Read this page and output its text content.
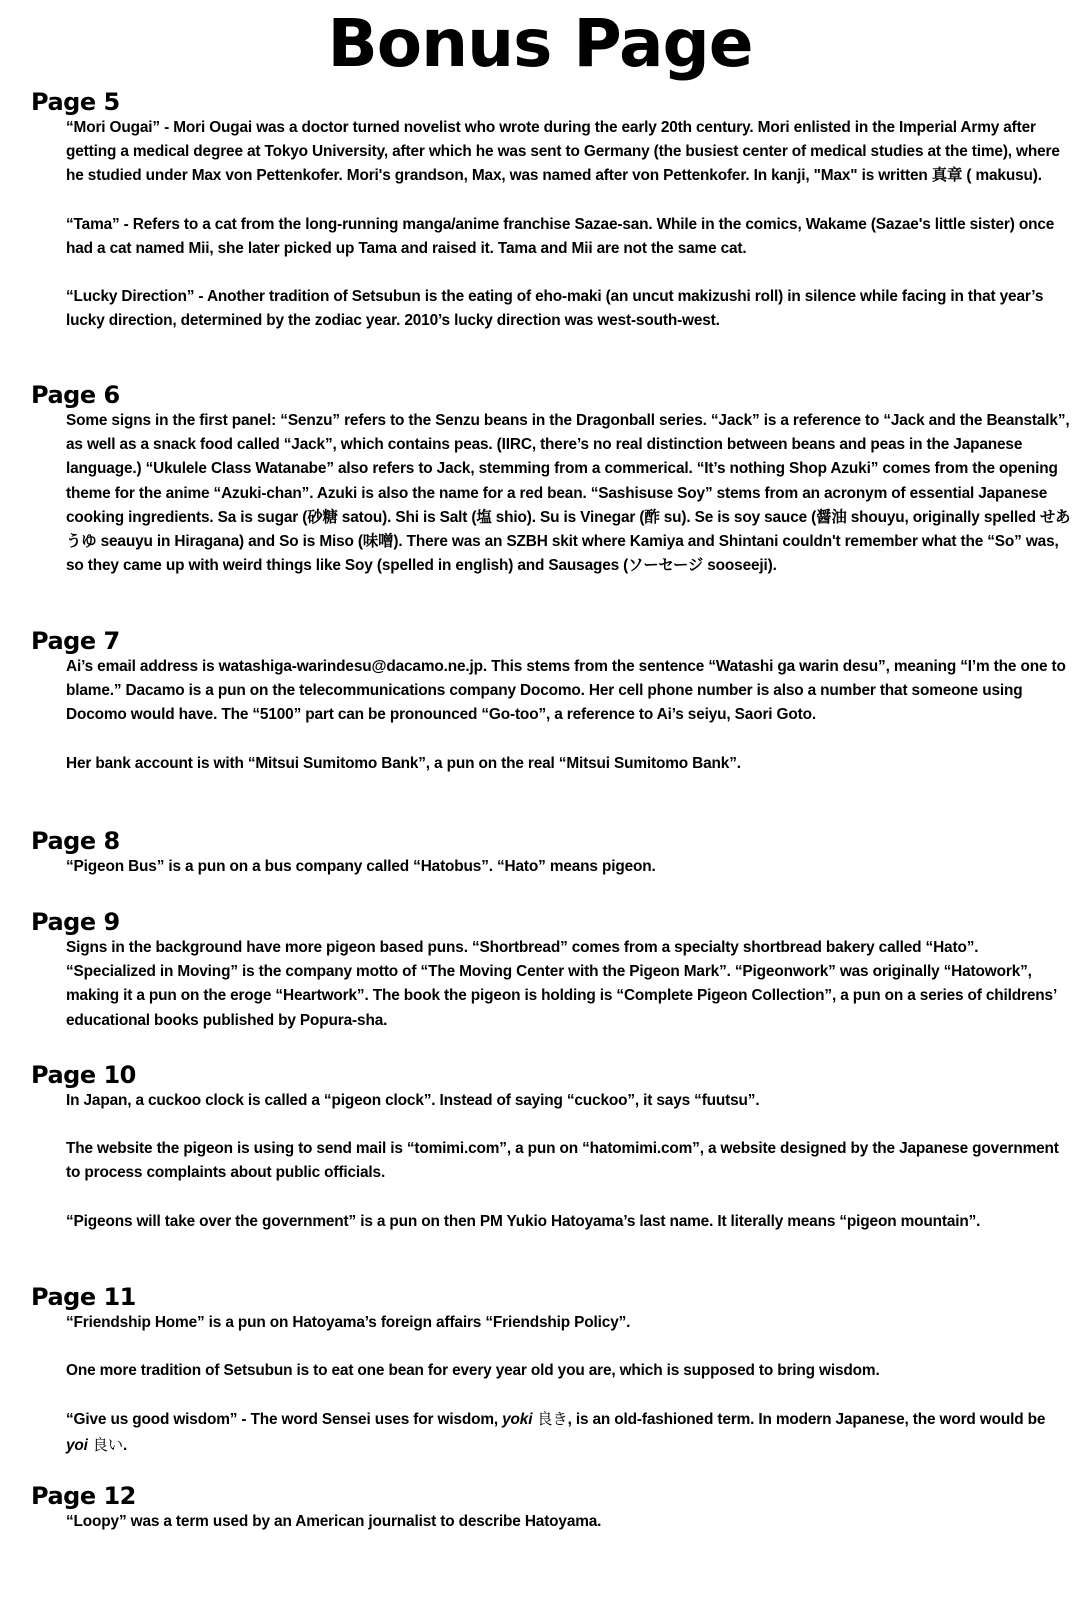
Bonus Page
Page 5

“Mori Ougai” - Mori Ougai was a doctor turned novelist who wrote during the early 20th century. Mori enlisted in the Imperial Army after getting a medical degree at Tokyo University, after which he was sent to Germany (the busiest center of medical studies at the time), where he studied under Max von Pettenkofer. Mori's grandson, Max, was named after von Pettenkofer. In kanji, "Max" is written 真章 ( makusu).

“Tama” - Refers to a cat from the long-running manga/anime franchise Sazae-san. While in the comics, Wakame (Sazae's little sister) once had a cat named Mii, she later picked up Tama and raised it. Tama and Mii are not the same cat.

“Lucky Direction” - Another tradition of Setsubun is the eating of eho-maki (an uncut makizushi roll) in silence while facing in that year’s lucky direction, determined by the zodiac year. 2010’s lucky direction was west-south-west.

Page 6

Some signs in the first panel: “Senzu” refers to the Senzu beans in the Dragonball series. “Jack” is a reference to “Jack and the Beanstalk”, as well as a snack food called “Jack”, which contains peas. (IIRC, there’s no real distinction between beans and peas in the Japanese language.) “Ukulele Class Watanabe” also refers to Jack, stemming from a commerical. “It’s nothing Shop Azuki” comes from the opening theme for the anime “Azuki-chan”. Azuki is also the name for a red bean. “Sashisuse Soy” stems from an acronym of essential Japanese cooking ingredients. Sa is sugar (砂糖 satou). Shi is Salt (塩 shio). Su is Vinegar (酢 su). Se is soy sauce (醤油 shouyu, originally spelled せあうゆ seauyu in Hiragana) and So is Miso (味噌). There was an SZBH skit where Kamiya and Shintani couldn't remember what the “So” was, so they came up with weird things like Soy (spelled in english) and Sausages (ソーセージ sooseeji).

Page 7

Ai’s email address is watashiga-warindesu@dacamo.ne.jp. This stems from the sentence “Watashi ga warin desu”, meaning “I’m the one to blame.” Dacamo is a pun on the telecommunications company Docomo. Her cell phone number is also a number that someone using Docomo would have. The “5100” part can be pronounced “Go-too”, a reference to Ai’s seiyu, Saori Goto.

Her bank account is with “Mitsui Sumitomo Bank”, a pun on the real “Mitsui Sumitomo Bank”.

Page 8

“Pigeon Bus” is a pun on a bus company called “Hatobus”. “Hato” means pigeon.

Page 9

Signs in the background have more pigeon based puns. “Shortbread” comes from a specialty shortbread bakery called “Hato”. “Specialized in Moving” is the company motto of “The Moving Center with the Pigeon Mark”. “Pigeonwork” was originally “Hatowork”, making it a pun on the eroge “Heartwork”. The book the pigeon is holding is “Complete Pigeon Collection”, a pun on a series of childrens’ educational books published by Popura-sha.

Page 10

In Japan, a cuckoo clock is called a “pigeon clock”. Instead of saying “cuckoo”, it says “fuutsu”.

The website the pigeon is using to send mail is “tomimi.com”, a pun on “hatomimi.com”, a website designed by the Japanese government to process complaints about public officials.

“Pigeons will take over the government” is a pun on then PM Yukio Hatoyama’s last name. It literally means “pigeon mountain”.

Page 11

“Friendship Home” is a pun on Hatoyama’s foreign affairs “Friendship Policy”.

One more tradition of Setsubun is to eat one bean for every year old you are, which is supposed to bring wisdom.

“Give us good wisdom” - The word Sensei uses for wisdom, yoki 良き, is an old-fashioned term. In modern Japanese, the word would be yoi 良い.

Page 12

“Loopy” was a term used by an American journalist to describe Hatoyama.
